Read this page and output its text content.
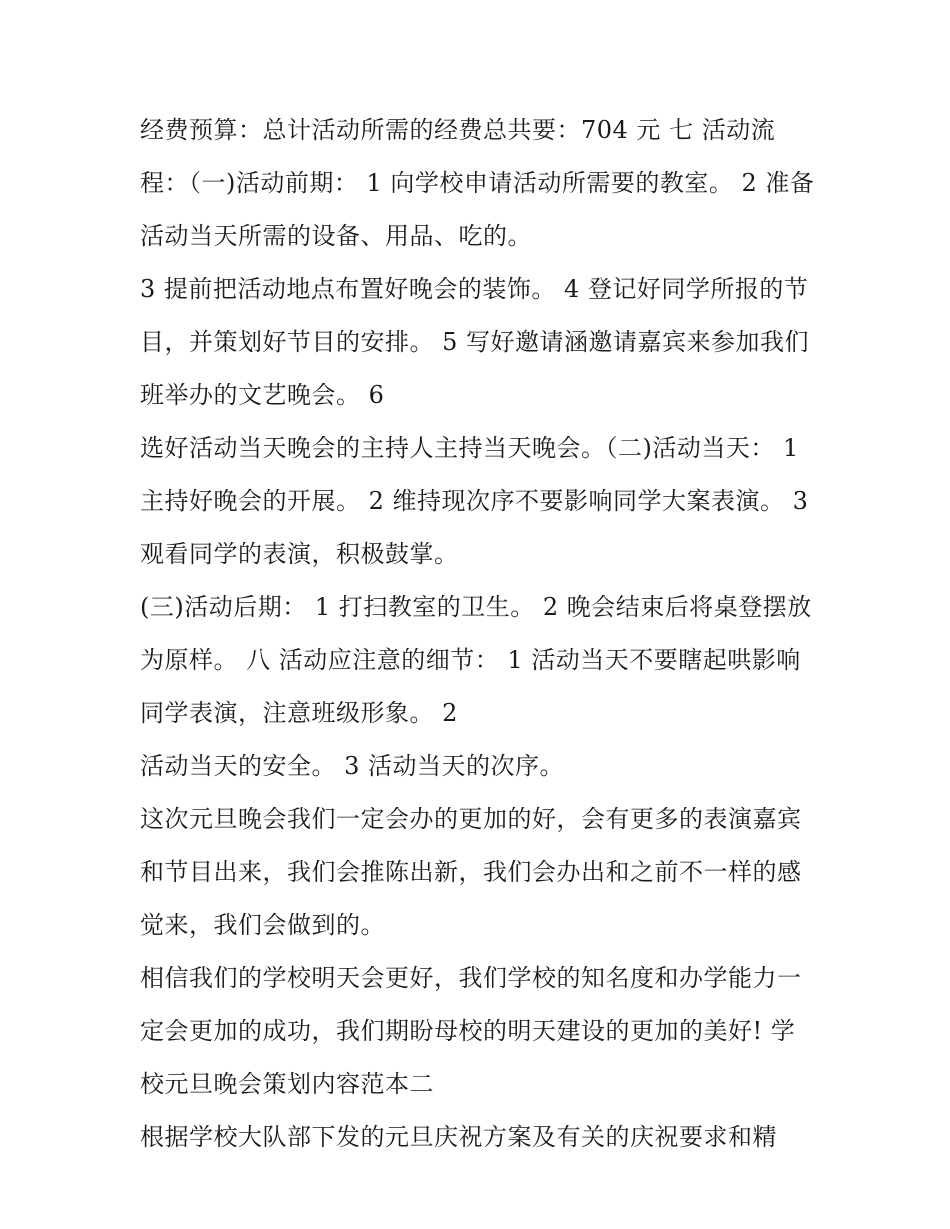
经费预算：总计活动所需的经费总共要：704 元 七 活动流
程：（一)活动前期： 1 向学校申请活动所需要的教室。 2 准备
活动当天所需的设备、用品、吃的。
3 提前把活动地点布置好晚会的装饰。 4 登记好同学所报的节
目，并策划好节目的安排。 5 写好邀请涵邀请嘉宾来参加我们
班举办的文艺晚会。 6
选好活动当天晚会的主持人主持当天晚会。（二)活动当天： 1
主持好晚会的开展。 2 维持现次序不要影响同学大案表演。 3
观看同学的表演，积极鼓掌。
(三)活动后期： 1 打扫教室的卫生。 2 晚会结束后将桌登摆放
为原样。 八 活动应注意的细节： 1 活动当天不要瞎起哄影响
同学表演，注意班级形象。 2
活动当天的安全。 3 活动当天的次序。
这次元旦晚会我们一定会办的更加的好，会有更多的表演嘉宾
和节目出来，我们会推陈出新，我们会办出和之前不一样的感
觉来，我们会做到的。
相信我们的学校明天会更好，我们学校的知名度和办学能力一
定会更加的成功，我们期盼母校的明天建设的更加的美好! 学
校元旦晚会策划内容范本二
根据学校大队部下发的元旦庆祝方案及有关的庆祝要求和精
